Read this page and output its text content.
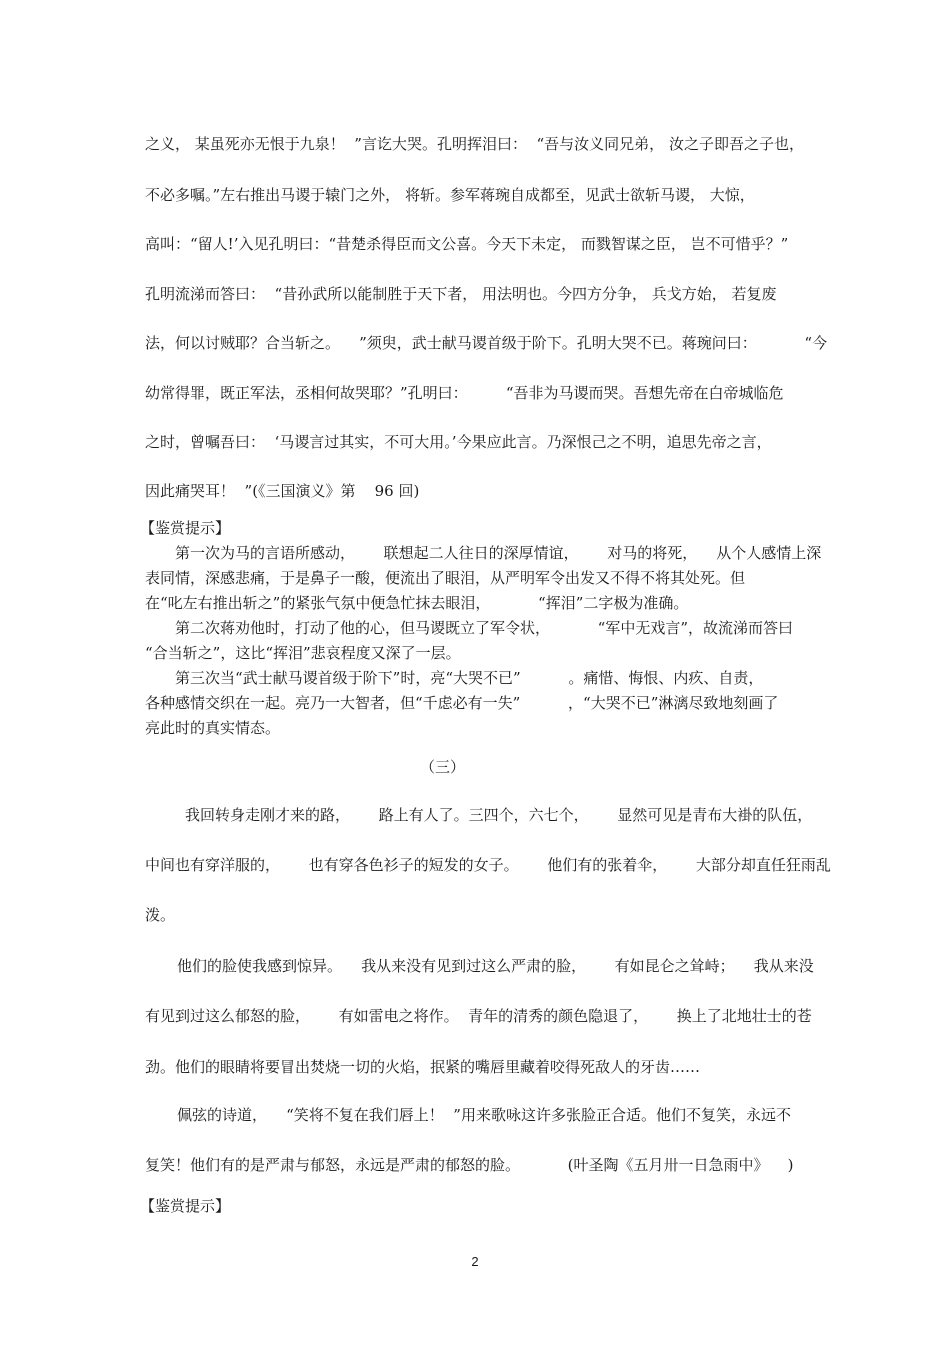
之义， 某虽死亦无恨于九泉！  ”言讫大哭。孔明挥泪曰：  “吾与汝义同兄弟， 汝之子即吾之子也，
不必多嘱。”左右推出马谡于辕门之外， 将斩。参军蒋琬自成都至，见武士欲斩马谡， 大惊，
高叫：“留人!’入见孔明曰：“昔楚杀得臣而文公喜。今天下未定， 而戮智谋之臣， 岂不可惜乎？”
孔明流涕而答曰：  “昔孙武所以能制胜于天下者， 用法明也。今四方分争， 兵戈方始， 若复废
法，何以讨贼耶？合当斩之。    ”须臾，武士献马谡首级于阶下。孔明大哭不已。蒋琬问曰：          “今
幼常得罪，既正军法，丞相何故哭耶？”孔明曰：        “吾非为马谡而哭。吾想先帝在白帝城临危
之时，曾嘱吾曰：  ‘马谡言过其实，不可大用。’今果应此言。乃深恨己之不明，追思先帝之言，
因此痛哭耳！  ”(《三国演义》第    96 回)
【鉴赏提示】
第一次为马的言语所感动，      联想起二人往日的深厚情谊，      对马的将死，    从个人感情上深
表同情，深感悲痛，于是鼻子一酸，便流出了眼泪，从严明军令出发又不得不将其处死。但
在“叱左右推出斩之”的紧张气氛中便急忙抹去眼泪，          “挥泪”二字极为准确。
第二次蒋劝他时，打动了他的心，但马谡既立了军令状，          “军中无戏言”，故流涕而答曰
“合当斩之”，这比“挥泪”悲哀程度又深了一层。
第三次当“武士献马谡首级于阶下”时，亮“大哭不已”          。痛惜、悔恨、内疚、自责，
各种感情交织在一起。亮乃一大智者，但“千虑必有一失”          ，“大哭不已”淋漓尽致地刻画了
亮此时的真实情态。
（三）
我回转身走刚才来的路，      路上有人了。三四个，六七个，      显然可见是青布大褂的队伍，
中间也有穿洋服的，      也有穿各色衫子的短发的女子。      他们有的张着伞，      大部分却直任狂雨乱
泼。
他们的脸使我感到惊异。    我从来没有见到过这么严肃的脸，      有如昆仑之耸峙；    我从来没
有见到过这么郁怒的脸，      有如雷电之将作。  青年的清秀的颜色隐退了，      换上了北地壮士的苍
劲。他们的眼睛将要冒出焚烧一切的火焰，抿紧的嘴唇里藏着咬得死敌人的牙齿……
佩弦的诗道，    “笑将不复在我们唇上！  ”用来歌咏这许多张脸正合适。他们不复笑，永远不
复笑！他们有的是严肃与郁怒，永远是严肃的郁怒的脸。          (叶圣陶《五月卅一日急雨中》    )
【鉴赏提示】
2
